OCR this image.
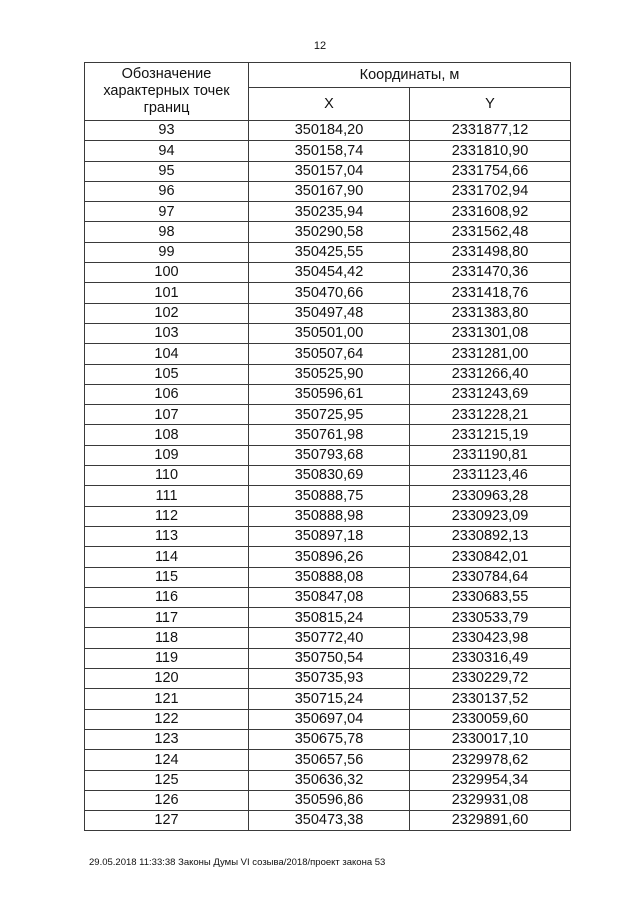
12
Обозначение
характерных точек
границ	Координаты, м	
	X	Y
93	350184,20	2331877,12
94	350158,74	2331810,90
95	350157,04	2331754,66
96	350167,90	2331702,94
97	350235,94	2331608,92
98	350290,58	2331562,48
99	350425,55	2331498,80
100	350454,42	2331470,36
101	350470,66	2331418,76
102	350497,48	2331383,80
103	350501,00	2331301,08
104	350507,64	2331281,00
105	350525,90	2331266,40
106	350596,61	2331243,69
107	350725,95	2331228,21
108	350761,98	2331215,19
109	350793,68	2331190,81
110	350830,69	2331123,46
111	350888,75	2330963,28
112	350888,98	2330923,09
113	350897,18	2330892,13
114	350896,26	2330842,01
115	350888,08	2330784,64
116	350847,08	2330683,55
117	350815,24	2330533,79
118	350772,40	2330423,98
119	350750,54	2330316,49
120	350735,93	2330229,72
121	350715,24	2330137,52
122	350697,04	2330059,60
123	350675,78	2330017,10
124	350657,56	2329978,62
125	350636,32	2329954,34
126	350596,86	2329931,08
127	350473,38	2329891,60
29.05.2018 11:33:38 Законы Думы VI созыва/2018/проект закона 53
